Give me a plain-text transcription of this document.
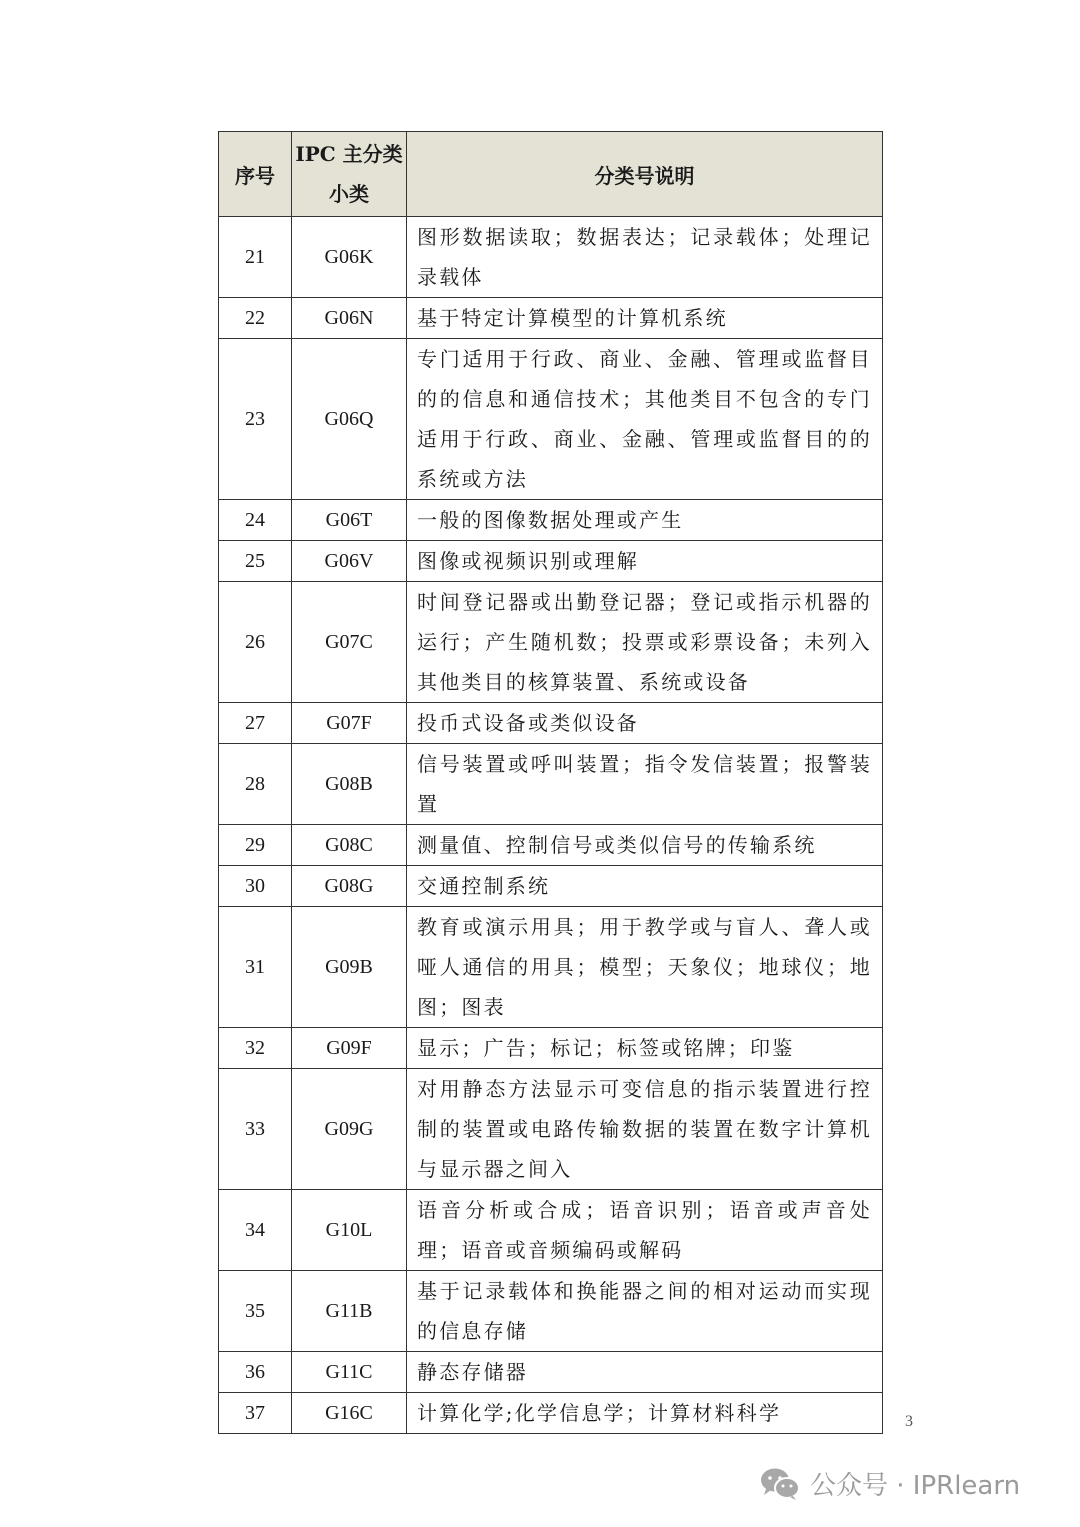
序号	IPC 主分类小类	分类号说明
21	G06K	图形数据读取；数据表达；记录载体；处理记录载体
22	G06N	基于特定计算模型的计算机系统
23	G06Q	专门适用于行政、商业、金融、管理或监督目的的信息和通信技术；其他类目不包含的专门适用于行政、商业、金融、管理或监督目的的系统或方法
24	G06T	一般的图像数据处理或产生
25	G06V	图像或视频识别或理解
26	G07C	时间登记器或出勤登记器；登记或指示机器的运行；产生随机数；投票或彩票设备；未列入其他类目的核算装置、系统或设备
27	G07F	投币式设备或类似设备
28	G08B	信号装置或呼叫装置；指令发信装置；报警装置
29	G08C	测量值、控制信号或类似信号的传输系统
30	G08G	交通控制系统
31	G09B	教育或演示用具；用于教学或与盲人、聋人或哑人通信的用具；模型；天象仪；地球仪；地图；图表
32	G09F	显示；广告；标记；标签或铭牌；印鉴
33	G09G	对用静态方法显示可变信息的指示装置进行控制的装置或电路传输数据的装置在数字计算机与显示器之间入
34	G10L	语音分析或合成；语音识别；语音或声音处理；语音或音频编码或解码
35	G11B	基于记录载体和换能器之间的相对运动而实现的信息存储
36	G11C	静态存储器
37	G16C	计算化学;化学信息学；计算材料科学	3
公众号 · IPRlearn
